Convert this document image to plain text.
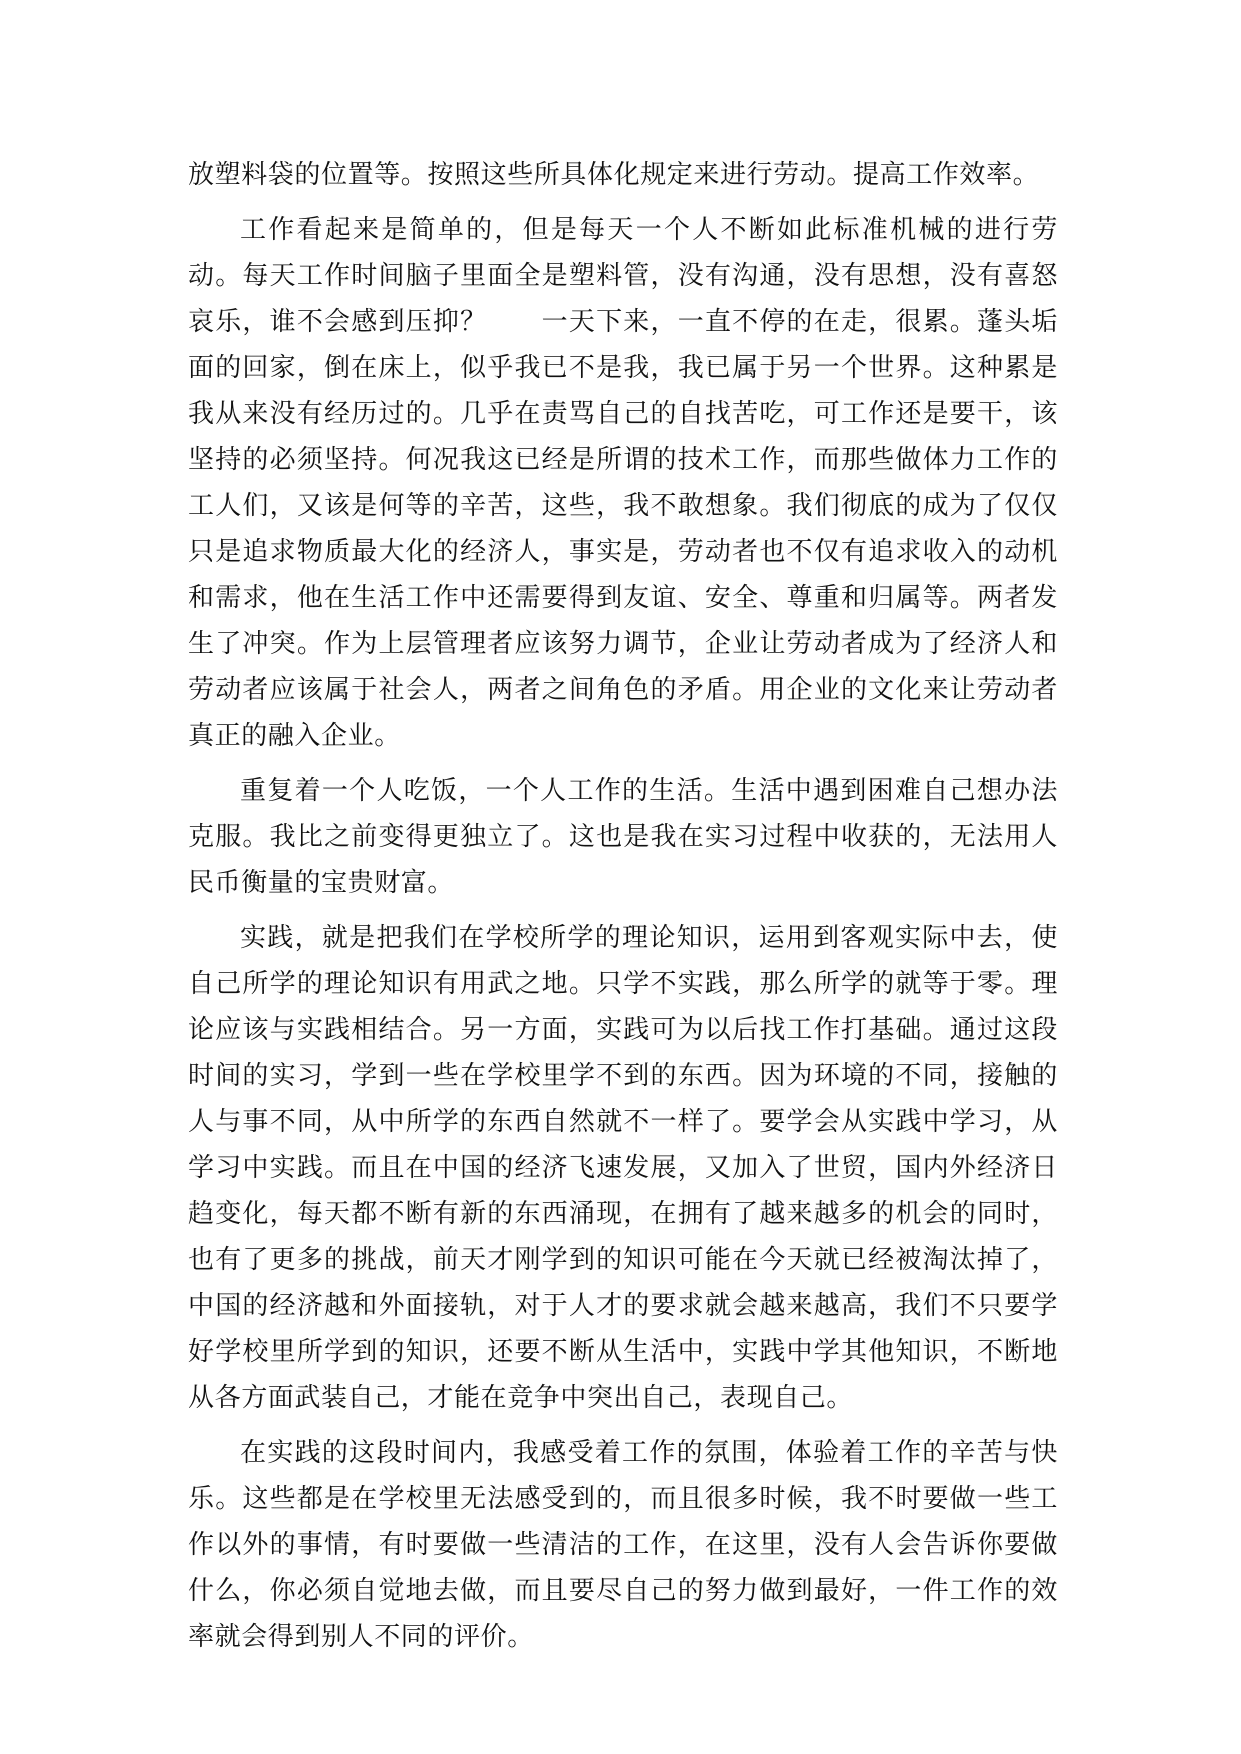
放塑料袋的位置等。按照这些所具体化规定来进行劳动。提高工作效率。

工作看起来是简单的，但是每天一个人不断如此标准机械的进行劳动。每天工作时间脑子里面全是塑料管，没有沟通，没有思想，没有喜怒哀乐，谁不会感到压抑？　　一天下来，一直不停的在走，很累。蓬头垢面的回家，倒在床上，似乎我已不是我，我已属于另一个世界。这种累是我从来没有经历过的。几乎在责骂自己的自找苦吃，可工作还是要干，该坚持的必须坚持。何况我这已经是所谓的技术工作，而那些做体力工作的工人们，又该是何等的辛苦，这些，我不敢想象。我们彻底的成为了仅仅只是追求物质最大化的经济人，事实是，劳动者也不仅有追求收入的动机和需求，他在生活工作中还需要得到友谊、安全、尊重和归属等。两者发生了冲突。作为上层管理者应该努力调节，企业让劳动者成为了经济人和劳动者应该属于社会人，两者之间角色的矛盾。用企业的文化来让劳动者真正的融入企业。

重复着一个人吃饭，一个人工作的生活。生活中遇到困难自己想办法克服。我比之前变得更独立了。这也是我在实习过程中收获的，无法用人民币衡量的宝贵财富。

实践，就是把我们在学校所学的理论知识，运用到客观实际中去，使自己所学的理论知识有用武之地。只学不实践，那么所学的就等于零。理论应该与实践相结合。另一方面，实践可为以后找工作打基础。通过这段时间的实习，学到一些在学校里学不到的东西。因为环境的不同，接触的人与事不同，从中所学的东西自然就不一样了。要学会从实践中学习，从学习中实践。而且在中国的经济飞速发展，又加入了世贸，国内外经济日趋变化，每天都不断有新的东西涌现，在拥有了越来越多的机会的同时，也有了更多的挑战，前天才刚学到的知识可能在今天就已经被淘汰掉了，中国的经济越和外面接轨，对于人才的要求就会越来越高，我们不只要学好学校里所学到的知识，还要不断从生活中，实践中学其他知识，不断地从各方面武装自己，才能在竞争中突出自己，表现自己。

在实践的这段时间内，我感受着工作的氛围，体验着工作的辛苦与快乐。这些都是在学校里无法感受到的，而且很多时候，我不时要做一些工作以外的事情，有时要做一些清洁的工作，在这里，没有人会告诉你要做什么，你必须自觉地去做，而且要尽自己的努力做到最好，一件工作的效率就会得到别人不同的评价。
